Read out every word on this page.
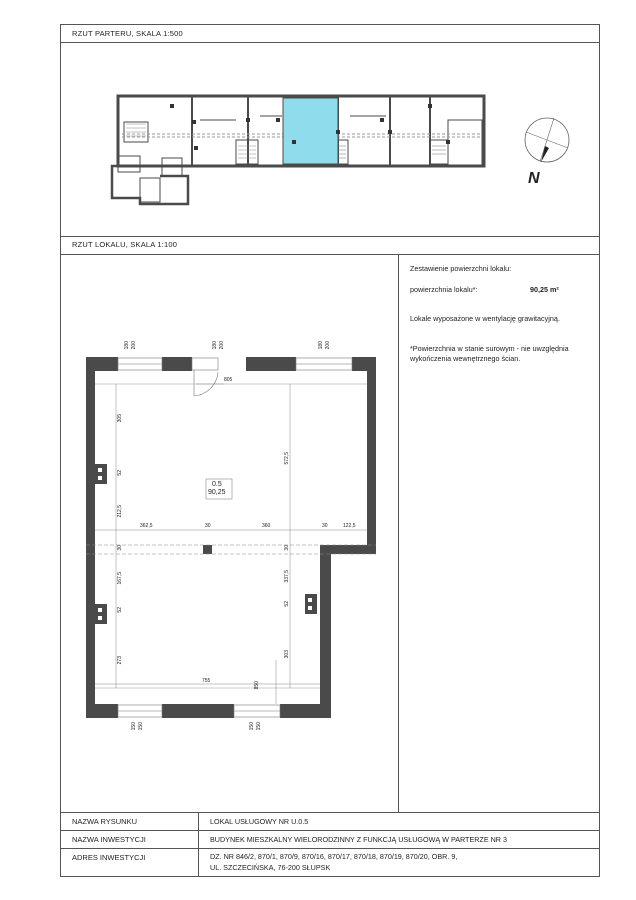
RZUT PARTERU, SKALA 1:500
RZUT LOKALU, SKALA 1:100
N
0.5
90,25
180 200	180 200	180 200
805
305
52
212,5
30
167,5
52
273
572,5
30
337,5
52
303
362,5	30	360	30	122,5
755	850
150 150	150 150
Zestawienie powierzchni lokalu:
powierzchnia lokalu*:	90,25 m²
Lokale wyposażone w wentylację grawitacyjną.
*Powierzchnia w stanie surowym - nie uwzględnia
wykończenia wewnętrznego ścian.
NAZWA RYSUNKU	LOKAL USŁUGOWY NR U.0.5
NAZWA INWESTYCJI	BUDYNEK MIESZKALNY WIELORODZINNY Z FUNKCJĄ USŁUGOWĄ W PARTERZE NR 3
ADRES INWESTYCJI	DZ. NR 846/2, 870/1, 870/9, 870/16, 870/17, 870/18, 870/19, 870/20, OBR. 9,
UL. SZCZECIŃSKA, 76-200 SŁUPSK
